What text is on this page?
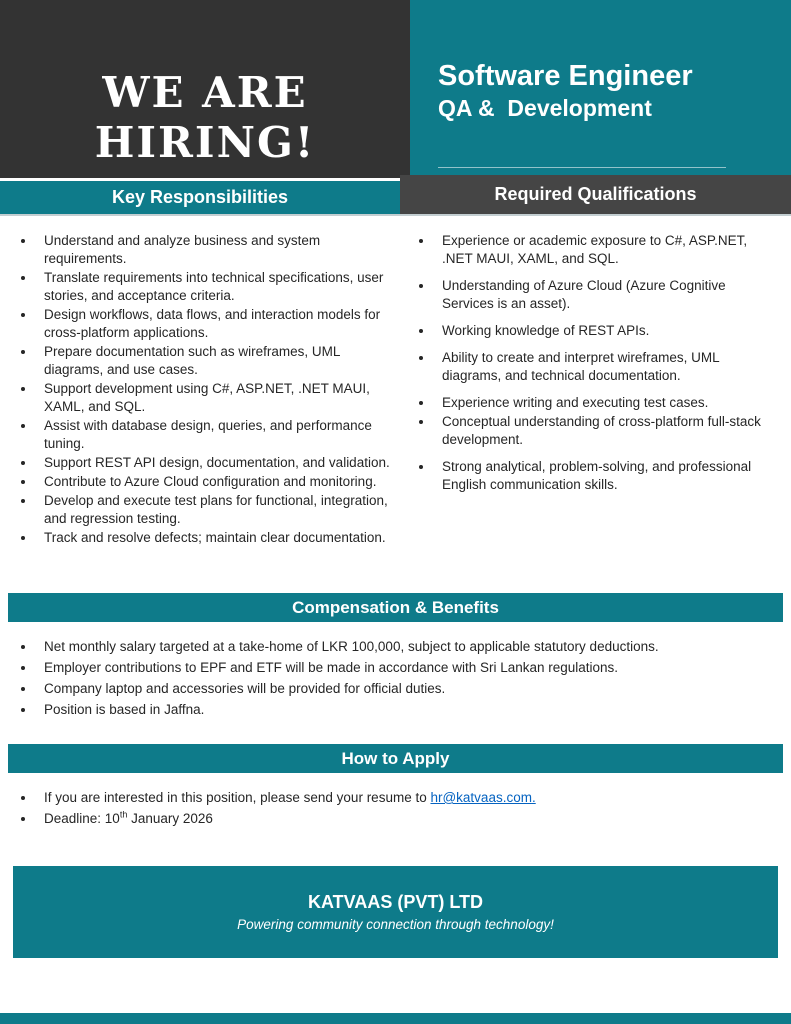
WE ARE
HIRING!
Software Engineer
QA &  Development
Key Responsibilities	Required Qualifications
• Understand and analyze business and system requirements.
• Translate requirements into technical specifications, user stories, and acceptance criteria.
• Design workflows, data flows, and interaction models for cross-platform applications.
• Prepare documentation such as wireframes, UML diagrams, and use cases.
• Support development using C#, ASP.NET, .NET MAUI, XAML, and SQL.
• Assist with database design, queries, and performance tuning.
• Support REST API design, documentation, and validation.
• Contribute to Azure Cloud configuration and monitoring.
• Develop and execute test plans for functional, integration, and regression testing.
• Track and resolve defects; maintain clear documentation.
• Experience or academic exposure to C#, ASP.NET, .NET MAUI, XAML, and SQL.
• Understanding of Azure Cloud (Azure Cognitive Services is an asset).
• Working knowledge of REST APIs.
• Ability to create and interpret wireframes, UML diagrams, and technical documentation.
• Experience writing and executing test cases.
• Conceptual understanding of cross-platform full-stack development.
• Strong analytical, problem-solving, and professional English communication skills.
Compensation & Benefits
• Net monthly salary targeted at a take-home of LKR 100,000, subject to applicable statutory deductions.
• Employer contributions to EPF and ETF will be made in accordance with Sri Lankan regulations.
• Company laptop and accessories will be provided for official duties.
• Position is based in Jaffna.
How to Apply
• If you are interested in this position, please send your resume to hr@katvaas.com.
• Deadline: 10th January 2026
KATVAAS (PVT) LTD
Powering community connection through technology!
